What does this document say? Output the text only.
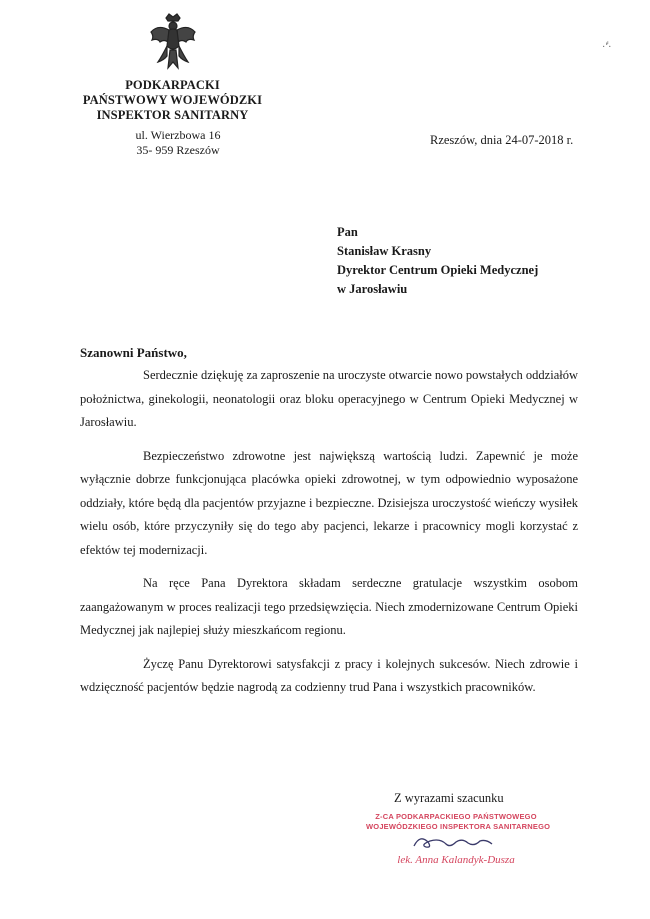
PODKARPACKI
PAŃSTWOWY WOJEWÓDZKI
INSPEKTOR SANITARNY
ul. Wierzbowa 16
35- 959 Rzeszów
Rzeszów, dnia 24-07-2018 r.
·'ٰ·
Pan
Stanisław Krasny
Dyrektor Centrum Opieki Medycznej
w Jarosławiu
Szanowni Państwo,

Serdecznie dziękuję za zaproszenie na uroczyste otwarcie nowo powstałych oddziałów położnictwa, ginekologii, neonatologii oraz bloku operacyjnego w Centrum Opieki Medycznej w Jarosławiu.

Bezpieczeństwo zdrowotne jest największą wartością ludzi. Zapewnić je może wyłącznie dobrze funkcjonująca placówka opieki zdrowotnej, w tym odpowiednio wyposażone oddziały, które będą dla pacjentów przyjazne i bezpieczne. Dzisiejsza uroczystość wieńczy wysiłek wielu osób, które przyczyniły się do tego aby pacjenci, lekarze i pracownicy mogli korzystać z efektów tej modernizacji.

Na ręce Pana Dyrektora składam serdeczne gratulacje wszystkim osobom zaangażowanym w proces realizacji tego przedsięwzięcia. Niech zmodernizowane Centrum Opieki Medycznej jak najlepiej służy mieszkańcom regionu.

Życzę Panu Dyrektorowi satysfakcji z pracy i kolejnych sukcesów. Niech zdrowie i wdzięczność pacjentów będzie nagrodą za codzienny trud Pana i wszystkich pracowników.

Z wyrazami szacunku
Z-CA PODKARPACKIEGO PAŃSTWOWEGO
WOJEWÓDZKIEGO INSPEKTORA SANITARNEGO
lek. Anna Kalandyk-Dusza
